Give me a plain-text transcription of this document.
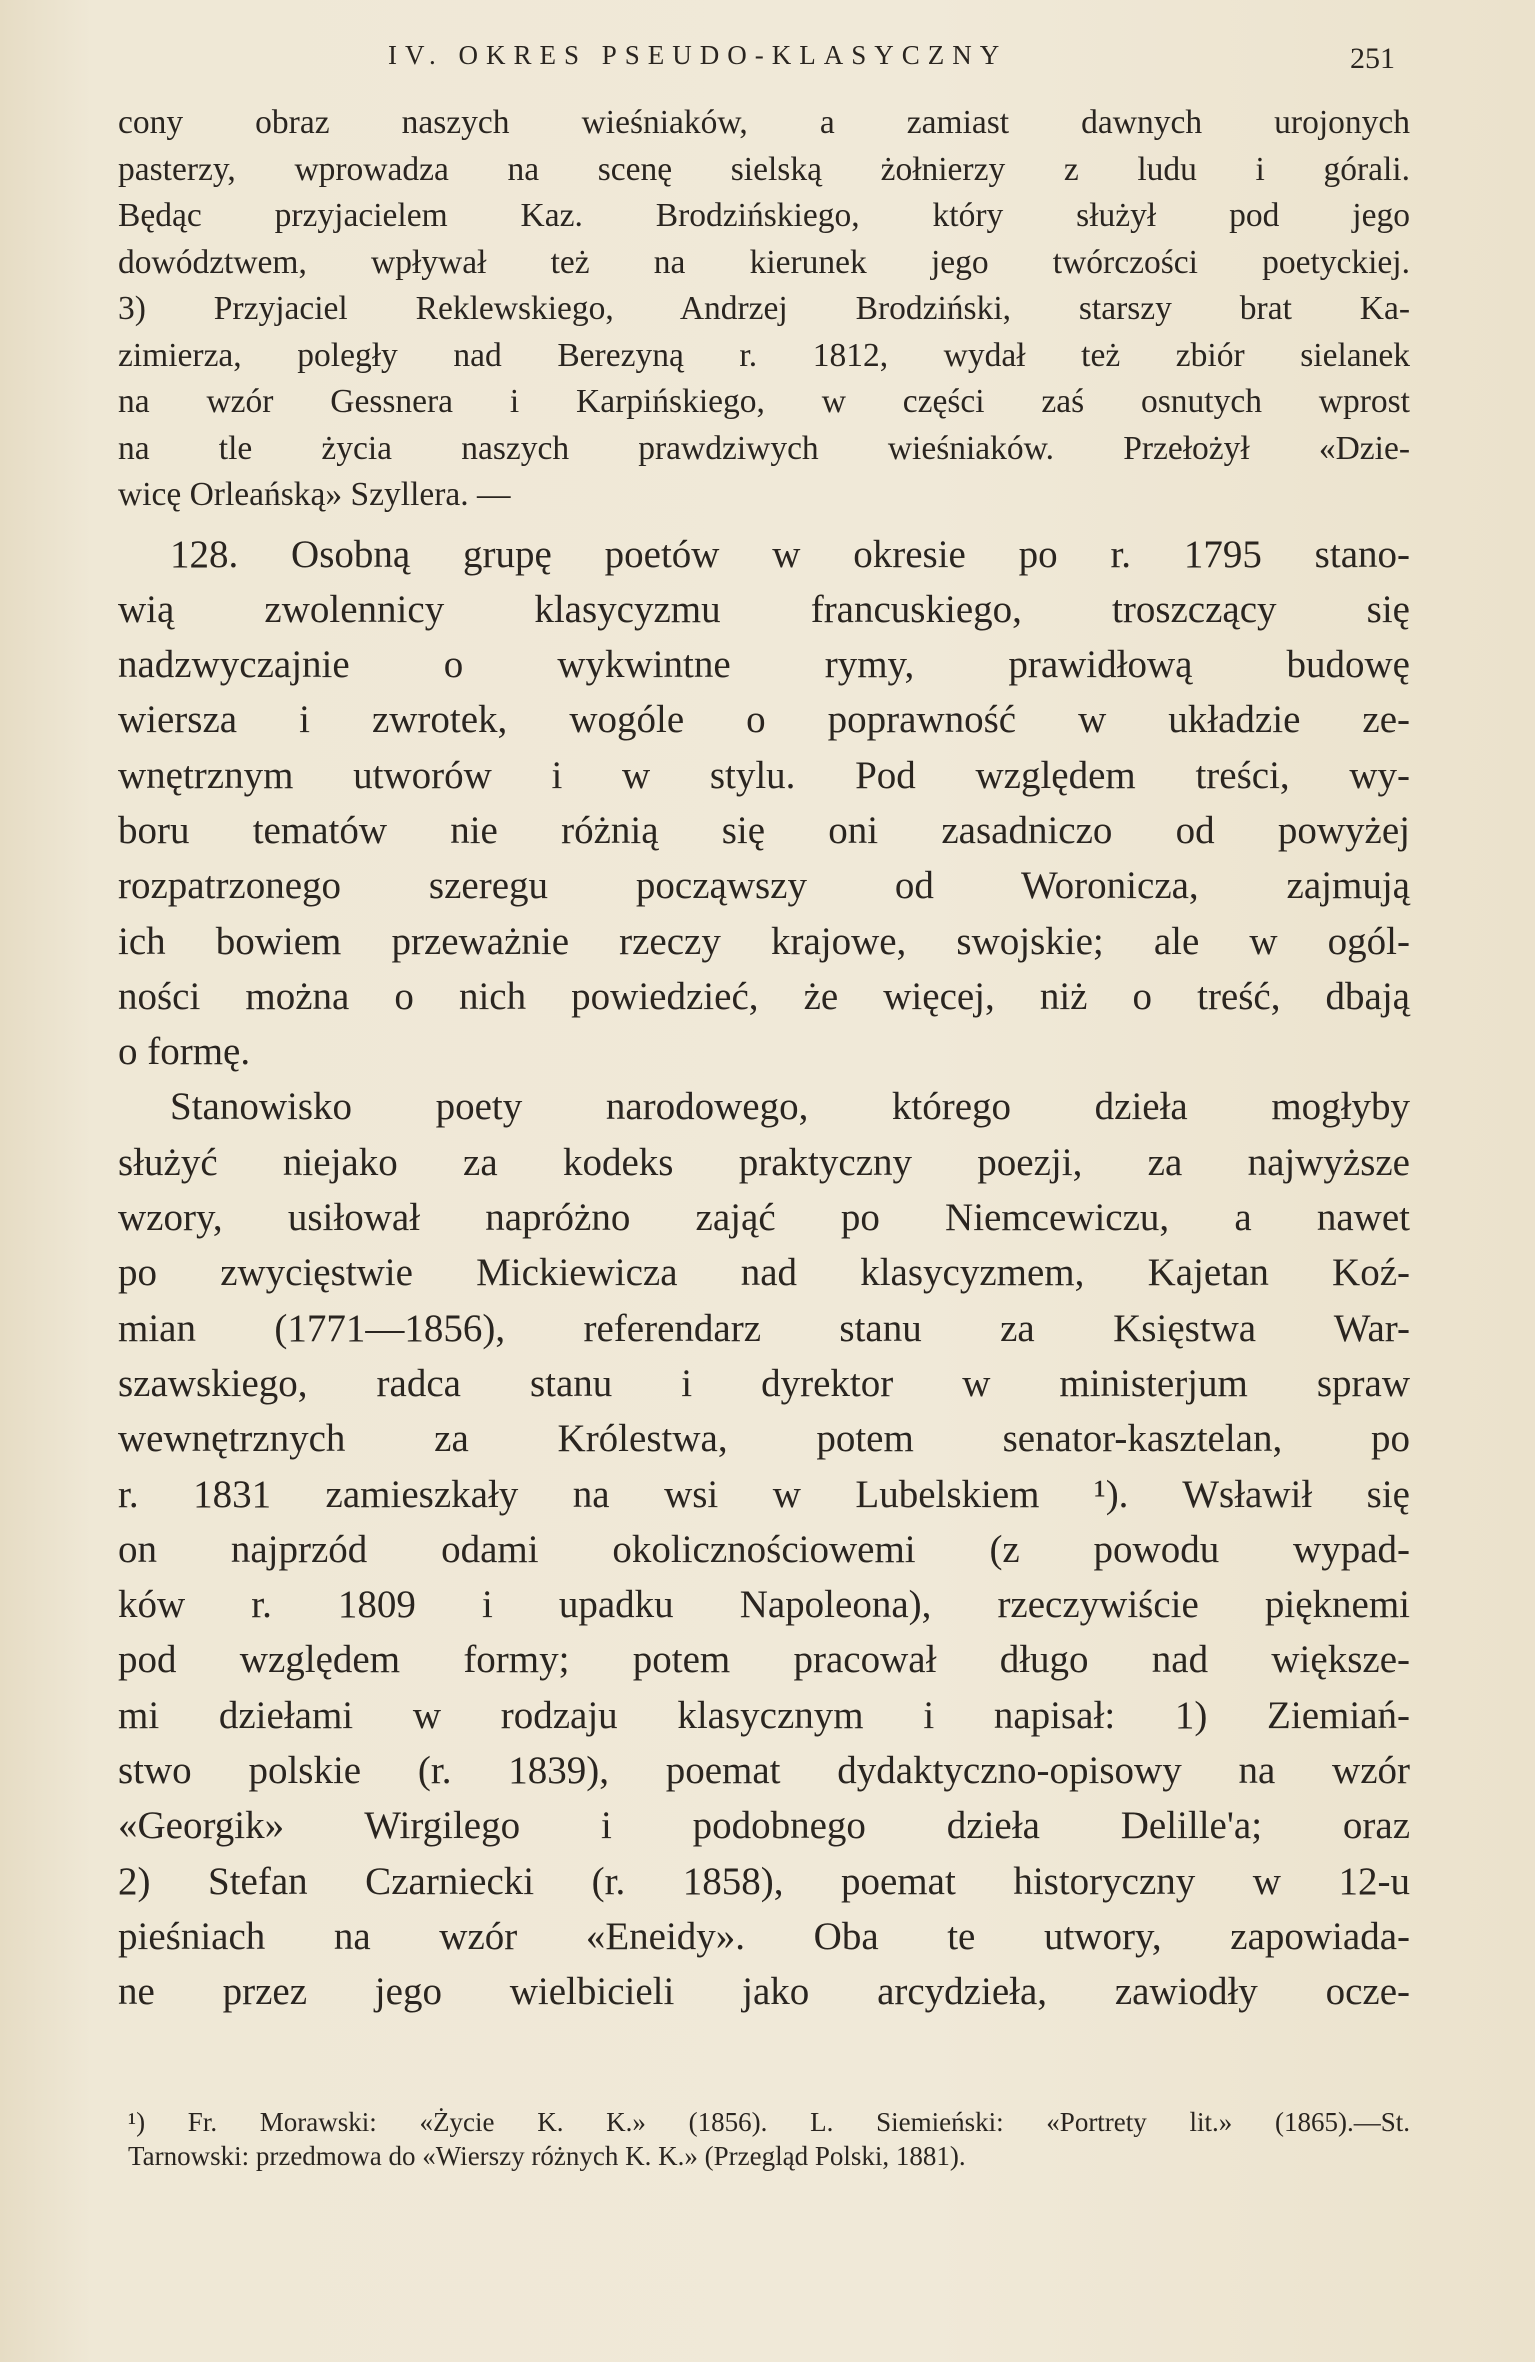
IV. OKRES PSEUDO-KLASYCZNY	251
cony obraz naszych wieśniaków, a zamiast dawnych urojonych
pasterzy, wprowadza na scenę sielską żołnierzy z ludu i górali.
Będąc przyjacielem Kaz. Brodzińskiego, który służył pod jego
dowództwem, wpływał też na kierunek jego twórczości poetyckiej.
3) Przyjaciel Reklewskiego, Andrzej Brodziński, starszy brat Ka-
zimierza, poległy nad Berezyną r. 1812, wydał też zbiór sielanek
na wzór Gessnera i Karpińskiego, w części zaś osnutych wprost
na tle życia naszych prawdziwych wieśniaków. Przełożył «Dzie-
wicę Orleańską» Szyllera. —
128. Osobną grupę poetów w okresie po r. 1795 stano-
wią zwolennicy klasycyzmu francuskiego, troszczący się
nadzwyczajnie o wykwintne rymy, prawidłową budowę
wiersza i zwrotek, wogóle o poprawność w układzie ze-
wnętrznym utworów i w stylu. Pod względem treści, wy-
boru tematów nie różnią się oni zasadniczo od powyżej
rozpatrzonego szeregu począwszy od Woronicza, zajmują
ich bowiem przeważnie rzeczy krajowe, swojskie; ale w ogól-
ności można o nich powiedzieć, że więcej, niż o treść, dbają
o formę.
Stanowisko poety narodowego, którego dzieła mogłyby
służyć niejako za kodeks praktyczny poezji, za najwyższe
wzory, usiłował napróżno zająć po Niemcewiczu, a nawet
po zwycięstwie Mickiewicza nad klasycyzmem, Kajetan Koź-
mian (1771—1856), referendarz stanu za Księstwa War-
szawskiego, radca stanu i dyrektor w ministerjum spraw
wewnętrznych za Królestwa, potem senator-kasztelan, po
r. 1831 zamieszkały na wsi w Lubelskiem ¹). Wsławił się
on najprzód odami okolicznościowemi (z powodu wypad-
ków r. 1809 i upadku Napoleona), rzeczywiście pięknemi
pod względem formy; potem pracował długo nad większe-
mi dziełami w rodzaju klasycznym i napisał: 1) Ziemiań-
stwo polskie (r. 1839), poemat dydaktyczno-opisowy na wzór
«Georgik» Wirgilego i podobnego dzieła Delille'a; oraz
2) Stefan Czarniecki (r. 1858), poemat historyczny w 12-u
pieśniach na wzór «Eneidy». Oba te utwory, zapowiada-
ne przez jego wielbicieli jako arcydzieła, zawiodły ocze-
¹) Fr. Morawski: «Życie K. K.» (1856). L. Siemieński: «Portrety lit.» (1865).—St.
Tarnowski: przedmowa do «Wierszy różnych K. K.» (Przegląd Polski, 1881).
